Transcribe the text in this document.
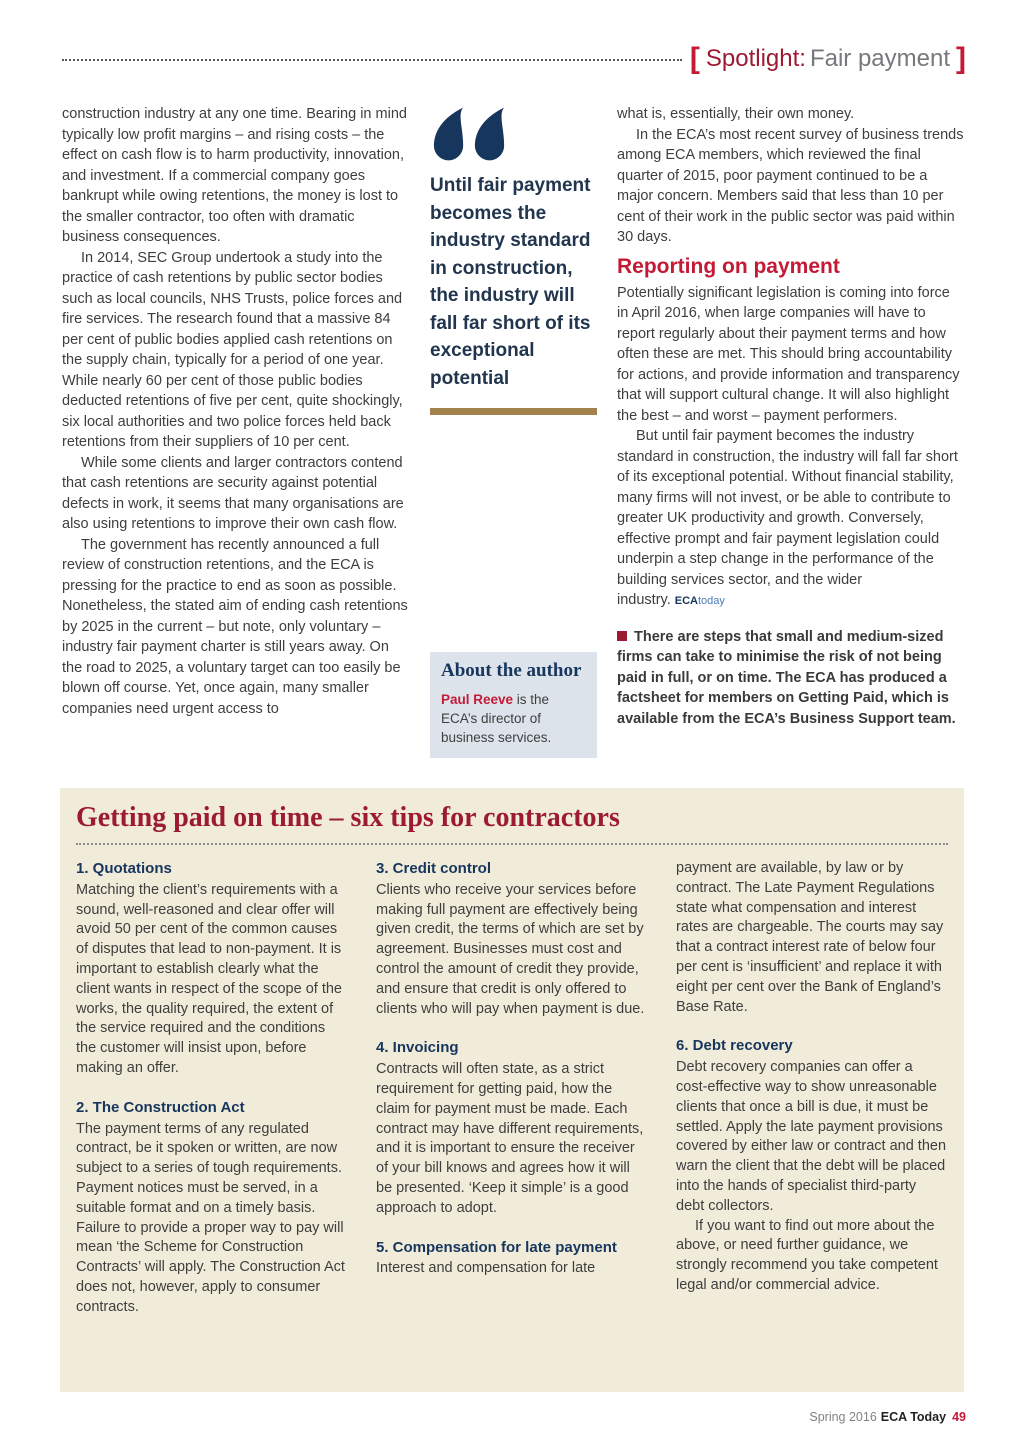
[ Spotlight: Fair payment ]

construction industry at any one time. Bearing in mind typically low profit margins – and rising costs – the effect on cash flow is to harm productivity, innovation, and investment. If a commercial company goes bankrupt while owing retentions, the money is lost to the smaller contractor, too often with dramatic business consequences.

In 2014, SEC Group undertook a study into the practice of cash retentions by public sector bodies such as local councils, NHS Trusts, police forces and fire services. The research found that a massive 84 per cent of public bodies applied cash retentions on the supply chain, typically for a period of one year. While nearly 60 per cent of those public bodies deducted retentions of five per cent, quite shockingly, six local authorities and two police forces held back retentions from their suppliers of 10 per cent.

While some clients and larger contractors contend that cash retentions are security against potential defects in work, it seems that many organisations are also using retentions to improve their own cash flow.

The government has recently announced a full review of construction retentions, and the ECA is pressing for the practice to end as soon as possible. Nonetheless, the stated aim of ending cash retentions by 2025 in the current – but note, only voluntary – industry fair payment charter is still years away. On the road to 2025, a voluntary target can too easily be blown off course. Yet, once again, many smaller companies need urgent access to

Until fair payment becomes the industry standard in construction, the industry will fall far short of its exceptional potential
About the author

Paul Reeve is the ECA’s director of business services.

what is, essentially, their own money.

In the ECA’s most recent survey of business trends among ECA members, which reviewed the final quarter of 2015, poor payment continued to be a major concern. Members said that less than 10 per cent of their work in the public sector was paid within 30 days.

Reporting on payment

Potentially significant legislation is coming into force in April 2016, when large companies will have to report regularly about their payment terms and how often these are met. This should bring accountability for actions, and provide information and transparency that will support cultural change. It will also highlight the best – and worst – payment performers.

But until fair payment becomes the industry standard in construction, the industry will fall far short of its exceptional potential. Without financial stability, many firms will not invest, or be able to contribute to greater UK productivity and growth. Conversely, effective prompt and fair payment legislation could underpin a step change in the performance of the building services sector, and the wider industry. ECAtoday

There are steps that small and medium-sized firms can take to minimise the risk of not being paid in full, or on time. The ECA has produced a factsheet for members on Getting Paid, which is available from the ECA’s Business Support team.

Getting paid on time – six tips for contractors
1. Quotations

Matching the client’s requirements with a sound, well-reasoned and clear offer will avoid 50 per cent of the common causes of disputes that lead to non-payment. It is important to establish clearly what the client wants in respect of the scope of the works, the quality required, the extent of the service required and the conditions the customer will insist upon, before making an offer.

2. The Construction Act

The payment terms of any regulated contract, be it spoken or written, are now subject to a series of tough requirements. Payment notices must be served, in a suitable format and on a timely basis. Failure to provide a proper way to pay will mean ‘the Scheme for Construction Contracts’ will apply. The Construction Act does not, however, apply to consumer contracts.

3. Credit control

Clients who receive your services before making full payment are effectively being given credit, the terms of which are set by agreement. Businesses must cost and control the amount of credit they provide, and ensure that credit is only offered to clients who will pay when payment is due.

4. Invoicing

Contracts will often state, as a strict requirement for getting paid, how the claim for payment must be made. Each contract may have different requirements, and it is important to ensure the receiver of your bill knows and agrees how it will be presented. ‘Keep it simple’ is a good approach to adopt.

5. Compensation for late payment

Interest and compensation for late

payment are available, by law or by contract. The Late Payment Regulations state what compensation and interest rates are chargeable. The courts may say that a contract interest rate of below four per cent is ‘insufficient’ and replace it with eight per cent over the Bank of England’s Base Rate.

6. Debt recovery

Debt recovery companies can offer a cost-effective way to show unreasonable clients that once a bill is due, it must be settled. Apply the late payment provisions covered by either law or contract and then warn the client that the debt will be placed into the hands of specialist third-party debt collectors.

If you want to find out more about the above, or need further guidance, we strongly recommend you take competent legal and/or commercial advice.

Spring 2016 ECA Today 49
